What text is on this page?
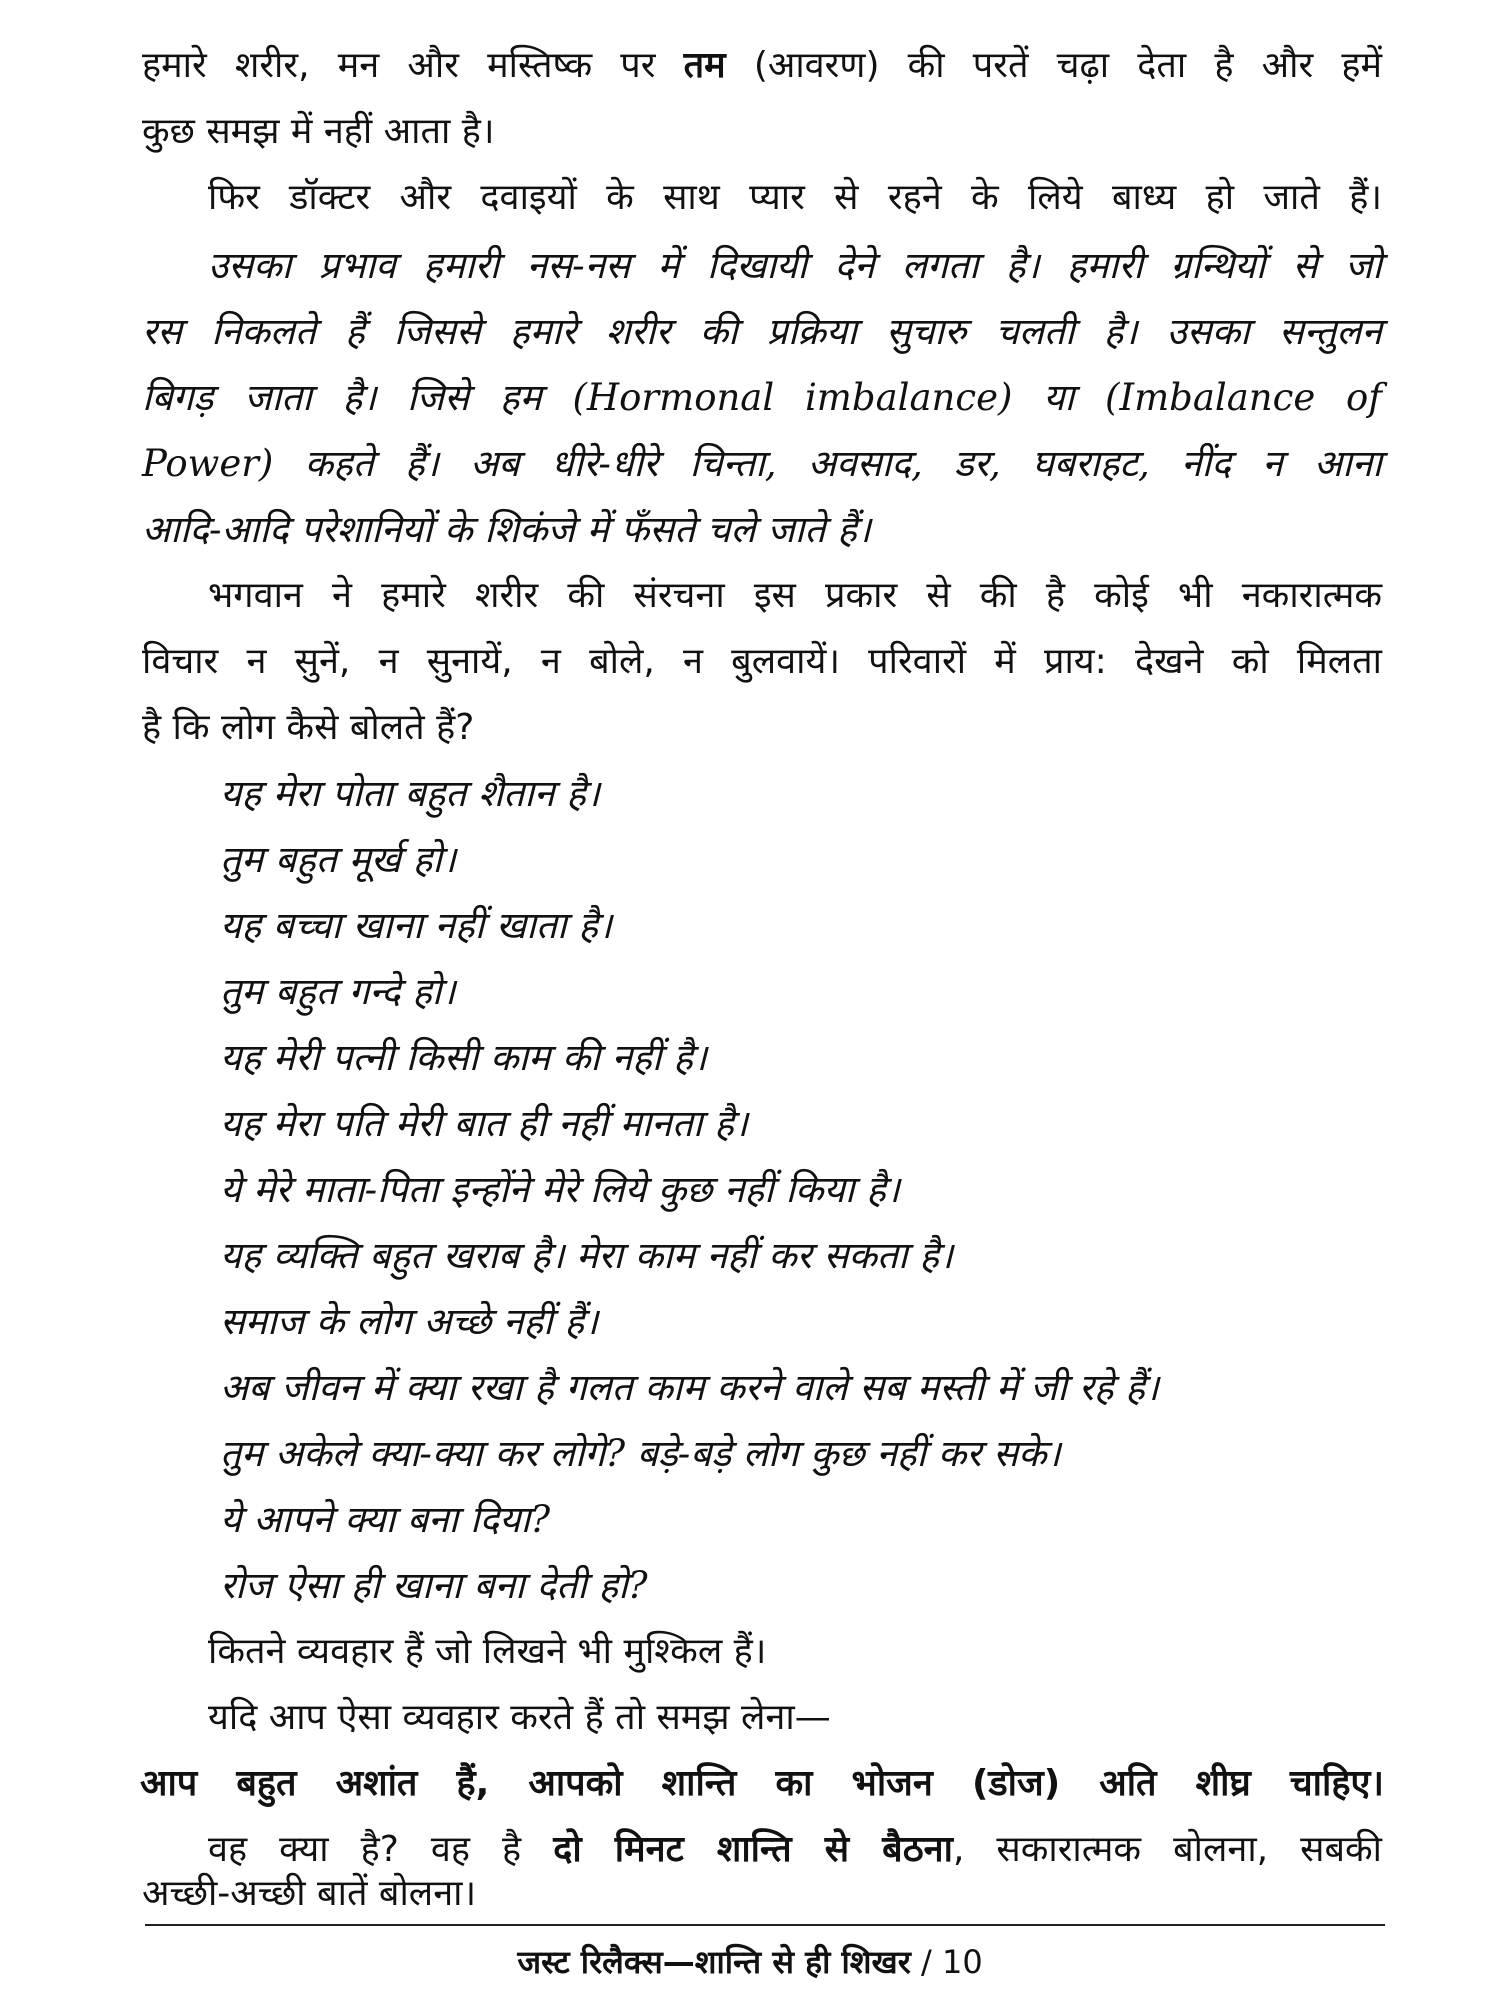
हमारे शरीर, मन और मस्तिष्क पर तम (आवरण) की परतें चढ़ा देता है और हमें
कुछ समझ में नहीं आता है।
फिर डॉक्टर और दवाइयों के साथ प्यार से रहने के लिये बाध्य हो जाते हैं।
उसका प्रभाव हमारी नस-नस में दिखायी देने लगता है। हमारी ग्रन्थियों से जो
रस निकलते हैं जिससे हमारे शरीर की प्रक्रिया सुचारु चलती है। उसका सन्तुलन
बिगड़ जाता है। जिसे हम (Hormonal imbalance) या (Imbalance of
Power) कहते हैं। अब धीरे-धीरे चिन्ता, अवसाद, डर, घबराहट, नींद न आना
आदि-आदि परेशानियों के शिकंजे में फँसते चले जाते हैं।
भगवान ने हमारे शरीर की संरचना इस प्रकार से की है कोई भी नकारात्मक
विचार न सुनें, न सुनायें, न बोले, न बुलवायें। परिवारों में प्राय: देखने को मिलता
है कि लोग कैसे बोलते हैं?
यह मेरा पोता बहुत शैतान है।
तुम बहुत मूर्ख हो।
यह बच्चा खाना नहीं खाता है।
तुम बहुत गन्दे हो।
यह मेरी पत्नी किसी काम की नहीं है।
यह मेरा पति मेरी बात ही नहीं मानता है।
ये मेरे माता-पिता इन्होंने मेरे लिये कुछ नहीं किया है।
यह व्यक्ति बहुत खराब है। मेरा काम नहीं कर सकता है।
समाज के लोग अच्छे नहीं हैं।
अब जीवन में क्या रखा है गलत काम करने वाले सब मस्ती में जी रहे हैं।
तुम अकेले क्या-क्या कर लोगे? बड़े-बड़े लोग कुछ नहीं कर सके।
ये आपने क्या बना दिया?
रोज ऐसा ही खाना बना देती हो?
कितने व्यवहार हैं जो लिखने भी मुश्किल हैं।
यदि आप ऐसा व्यवहार करते हैं तो समझ लेना—
आप बहुत अशांत हैं, आपको शान्ति का भोजन (डोज) अति शीघ्र चाहिए।
वह क्या है? वह है दो मिनट शान्ति से बैठना, सकारात्मक बोलना, सबकी
अच्छी-अच्छी बातें बोलना।
जस्ट रिलैक्स—शान्ति से ही शिखर / 10
